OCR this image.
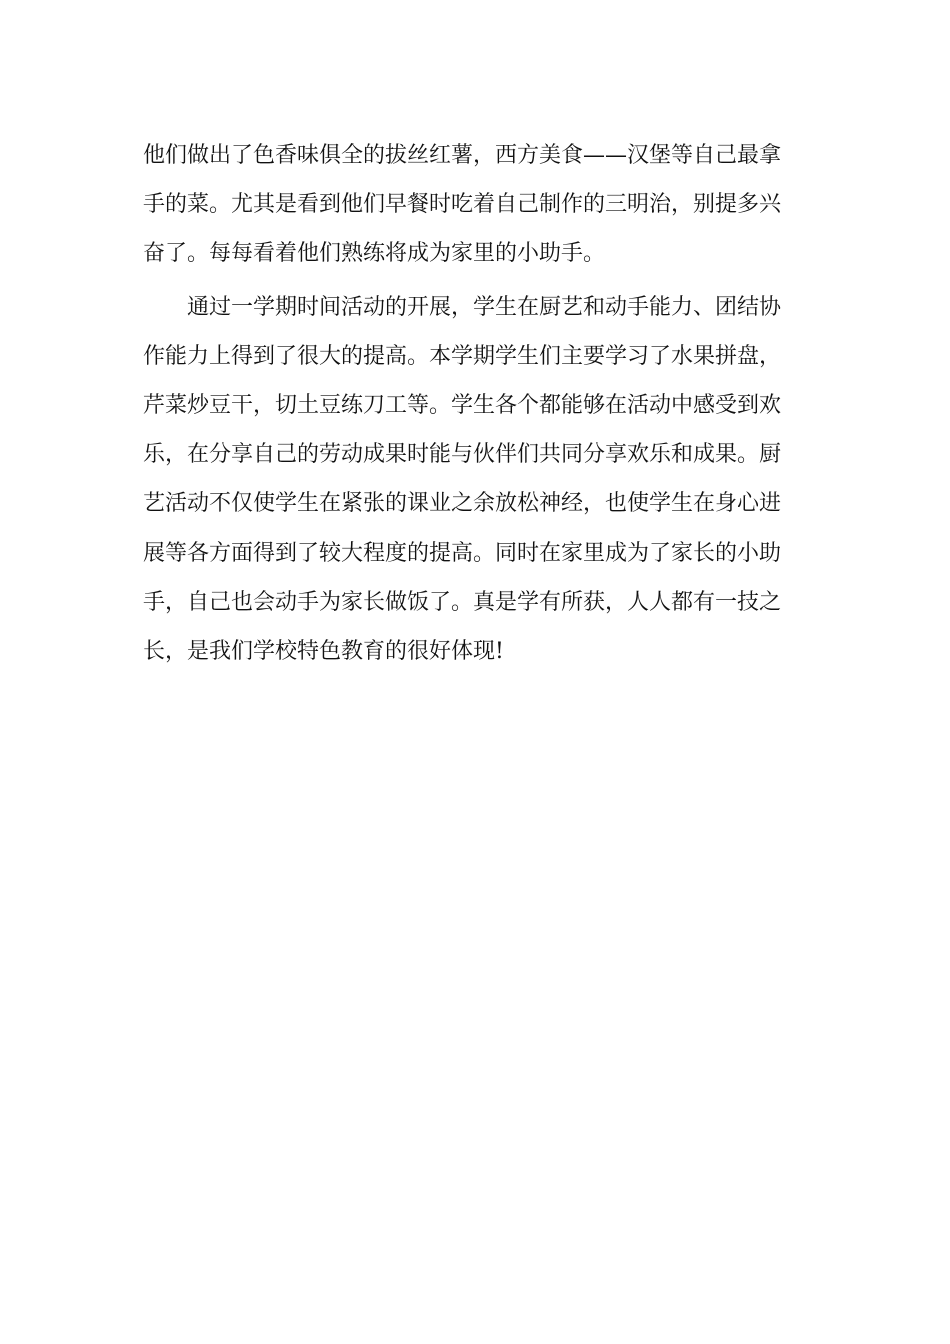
他们做出了色香味俱全的拔丝红薯，西方美食——汉堡等自己最拿
手的菜。尤其是看到他们早餐时吃着自己制作的三明治，别提多兴
奋了。每每看着他们熟练将成为家里的小助手。
通过一学期时间活动的开展，学生在厨艺和动手能力、团结协
作能力上得到了很大的提高。本学期学生们主要学习了水果拼盘，
芹菜炒豆干，切土豆练刀工等。学生各个都能够在活动中感受到欢
乐，在分享自己的劳动成果时能与伙伴们共同分享欢乐和成果。厨
艺活动不仅使学生在紧张的课业之余放松神经，也使学生在身心进
展等各方面得到了较大程度的提高。同时在家里成为了家长的小助
手，自己也会动手为家长做饭了。真是学有所获，人人都有一技之
长，是我们学校特色教育的很好体现!
